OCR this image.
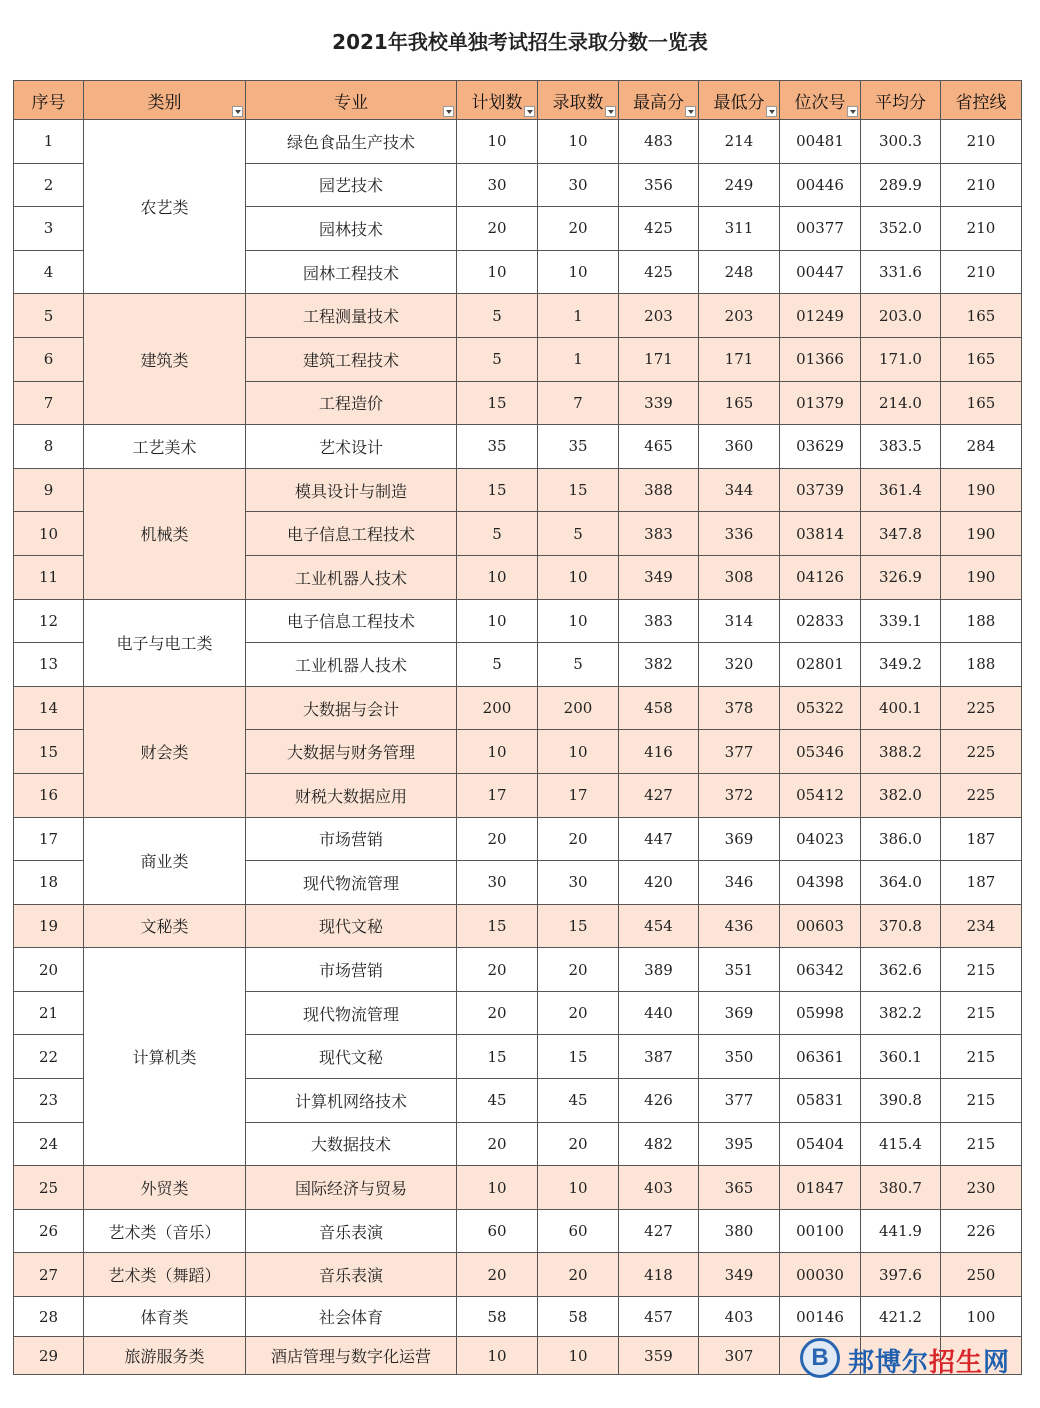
2021年我校单独考试招生录取分数一览表
序号	类别	专业	计划数	录取数	最高分	最低分	位次号	平均分	省控线
1	农艺类	绿色食品生产技术	10	10	483	214	00481	300.3	210
2		园艺技术	30	30	356	249	00446	289.9	210
3		园林技术	20	20	425	311	00377	352.0	210
4		园林工程技术	10	10	425	248	00447	331.6	210
5	建筑类	工程测量技术	5	1	203	203	01249	203.0	165
6		建筑工程技术	5	1	171	171	01366	171.0	165
7		工程造价	15	7	339	165	01379	214.0	165
8	工艺美术	艺术设计	35	35	465	360	03629	383.5	284
9	机械类	模具设计与制造	15	15	388	344	03739	361.4	190
10		电子信息工程技术	5	5	383	336	03814	347.8	190
11		工业机器人技术	10	10	349	308	04126	326.9	190
12	电子与电工类	电子信息工程技术	10	10	383	314	02833	339.1	188
13		工业机器人技术	5	5	382	320	02801	349.2	188
14	财会类	大数据与会计	200	200	458	378	05322	400.1	225
15		大数据与财务管理	10	10	416	377	05346	388.2	225
16		财税大数据应用	17	17	427	372	05412	382.0	225
17	商业类	市场营销	20	20	447	369	04023	386.0	187
18		现代物流管理	30	30	420	346	04398	364.0	187
19	文秘类	现代文秘	15	15	454	436	00603	370.8	234
20	计算机类	市场营销	20	20	389	351	06342	362.6	215
21		现代物流管理	20	20	440	369	05998	382.2	215
22		现代文秘	15	15	387	350	06361	360.1	215
23		计算机网络技术	45	45	426	377	05831	390.8	215
24		大数据技术	20	20	482	395	05404	415.4	215
25	外贸类	国际经济与贸易	10	10	403	365	01847	380.7	230
26	艺术类（音乐）	音乐表演	60	60	427	380	00100	441.9	226
27	艺术类（舞蹈）	音乐表演	20	20	418	349	00030	397.6	250
28	体育类	社会体育	58	58	457	403	00146	421.2	100
29	旅游服务类	酒店管理与数字化运营	10	10	359	307				B 邦博尔招生网
